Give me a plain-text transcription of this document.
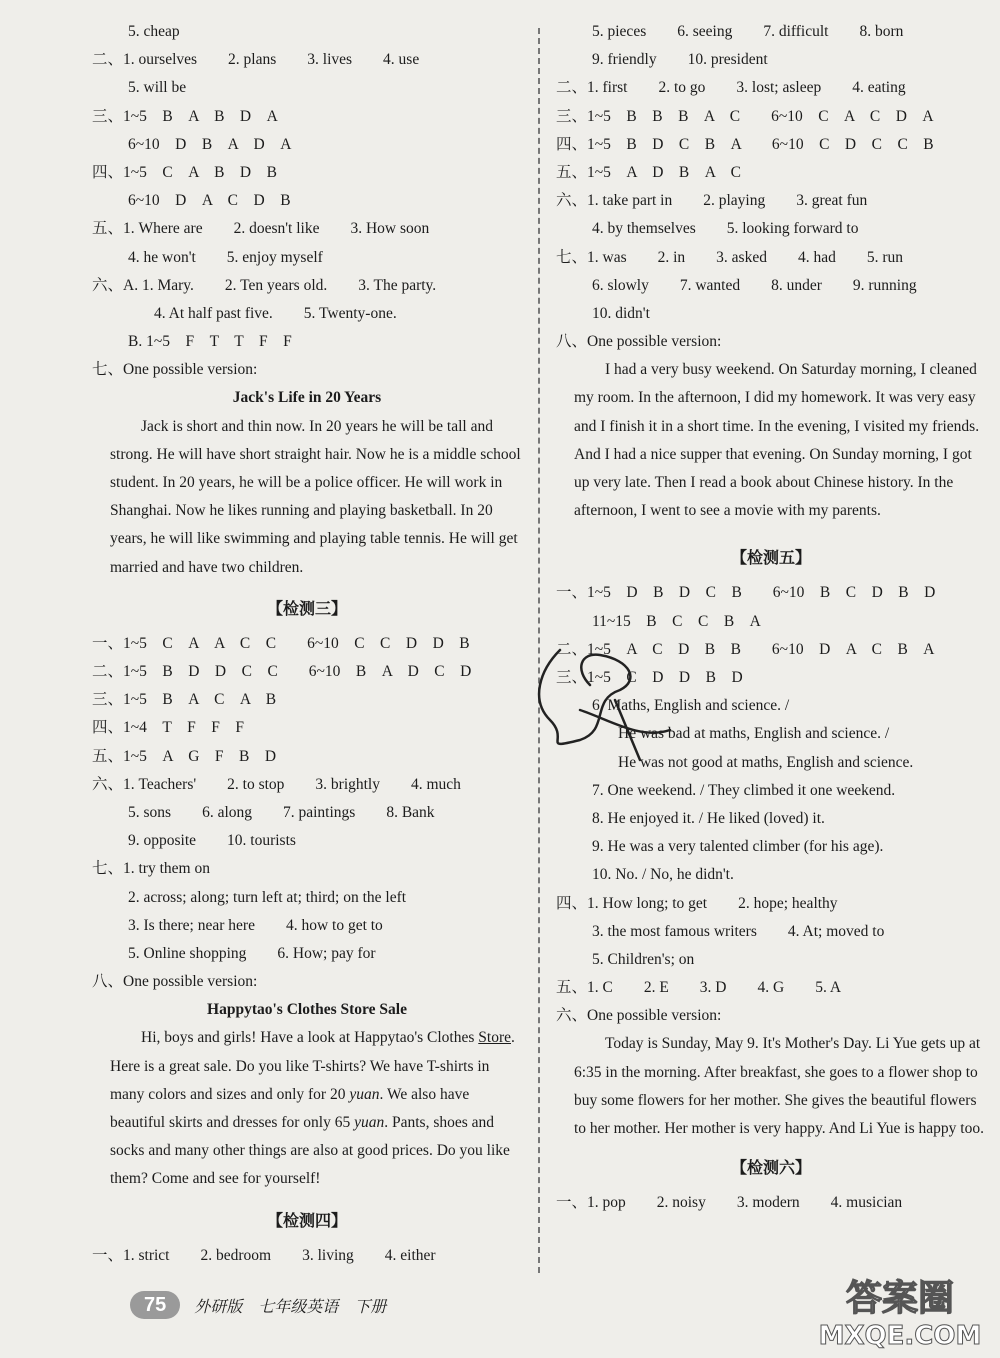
5. cheap
二、1. ourselves　　2. plans　　3. lives　　4. use
5. will be
三、1~5　B　A　B　D　A
6~10　D　B　A　D　A
四、1~5　C　A　B　D　B
6~10　D　A　C　D　B
五、1. Where are　　2. doesn't like　　3. How soon
4. he won't　　5. enjoy myself
六、A. 1. Mary.　　2. Ten years old.　　3. The party.
4. At half past five.　　5. Twenty-one.
B. 1~5　F　T　T　F　F
七、One possible version:
Jack's Life in 20 Years

Jack is short and thin now. In 20 years he will be tall and strong. He will have short straight hair. Now he is a middle school student. In 20 years, he will be a police officer. He will work in Shanghai. Now he likes running and playing basketball. In 20 years, he will like swimming and playing table tennis. He will get married and have two children.

【检测三】
一、1~5　C　A　A　C　C　　6~10　C　C　D　D　B
二、1~5　B　D　D　C　C　　6~10　B　A　D　C　D
三、1~5　B　A　C　A　B
四、1~4　T　F　F　F
五、1~5　A　G　F　B　D
六、1. Teachers'　　2. to stop　　3. brightly　　4. much
5. sons　　6. along　　7. paintings　　8. Bank
9. opposite　　10. tourists
七、1. try them on
2. across; along; turn left at; third; on the left
3. Is there; near here　　4. how to get to
5. Online shopping　　6. How; pay for
八、One possible version:
Happytao's Clothes Store Sale

Hi, boys and girls! Have a look at Happytao's Clothes Store. Here is a great sale. Do you like T-shirts? We have T-shirts in many colors and sizes and only for 20 yuan. We also have beautiful skirts and dresses for only 65 yuan. Pants, shoes and socks and many other things are also at good prices. Do you like them? Come and see for yourself!

【检测四】
一、1. strict　　2. bedroom　　3. living　　4. either
5. pieces　　6. seeing　　7. difficult　　8. born
9. friendly　　10. president
二、1. first　　2. to go　　3. lost; asleep　　4. eating
三、1~5　B　B　B　A　C　　6~10　C　A　C　D　A
四、1~5　B　D　C　B　A　　6~10　C　D　C　C　B
五、1~5　A　D　B　A　C
六、1. take part in　　2. playing　　3. great fun
4. by themselves　　5. looking forward to
七、1. was　　2. in　　3. asked　　4. had　　5. run
6. slowly　　7. wanted　　8. under　　9. running
10. didn't
八、One possible version:

I had a very busy weekend. On Saturday morning, I cleaned my room. In the afternoon, I did my homework. It was very easy and I finish it in a short time. In the evening, I visited my friends. And I had a nice supper that evening. On Sunday morning, I got up very late. Then I read a book about Chinese history. In the afternoon, I went to see a movie with my parents.

【检测五】
一、1~5　D　B　D　C　B　　6~10　B　C　D　B　D
11~15　B　C　C　B　A
二、1~5　A　C　D　B　B　　6~10　D　A　C　B　A
三、1~5　C　D　D　B　D
6. Maths, English and science. /
He was bad at maths, English and science. /
He was not good at maths, English and science.
7. One weekend. / They climbed it one weekend.
8. He enjoyed it. / He liked (loved) it.
9. He was a very talented climber (for his age).
10. No. / No, he didn't.
四、1. How long; to get　　2. hope; healthy
3. the most famous writers　　4. At; moved to
5. Children's; on
五、1. C　　2. E　　3. D　　4. G　　5. A
六、One possible version:

Today is Sunday, May 9. It's Mother's Day. Li Yue gets up at 6:35 in the morning. After breakfast, she goes to a flower shop to buy some flowers for her mother. She gives the beautiful flowers to her mother. Her mother is very happy. And Li Yue is happy too.

【检测六】
一、1. pop　　2. noisy　　3. modern　　4. musician
75	外研版　七年级英语　下册	答案圈
MXQE.COM
